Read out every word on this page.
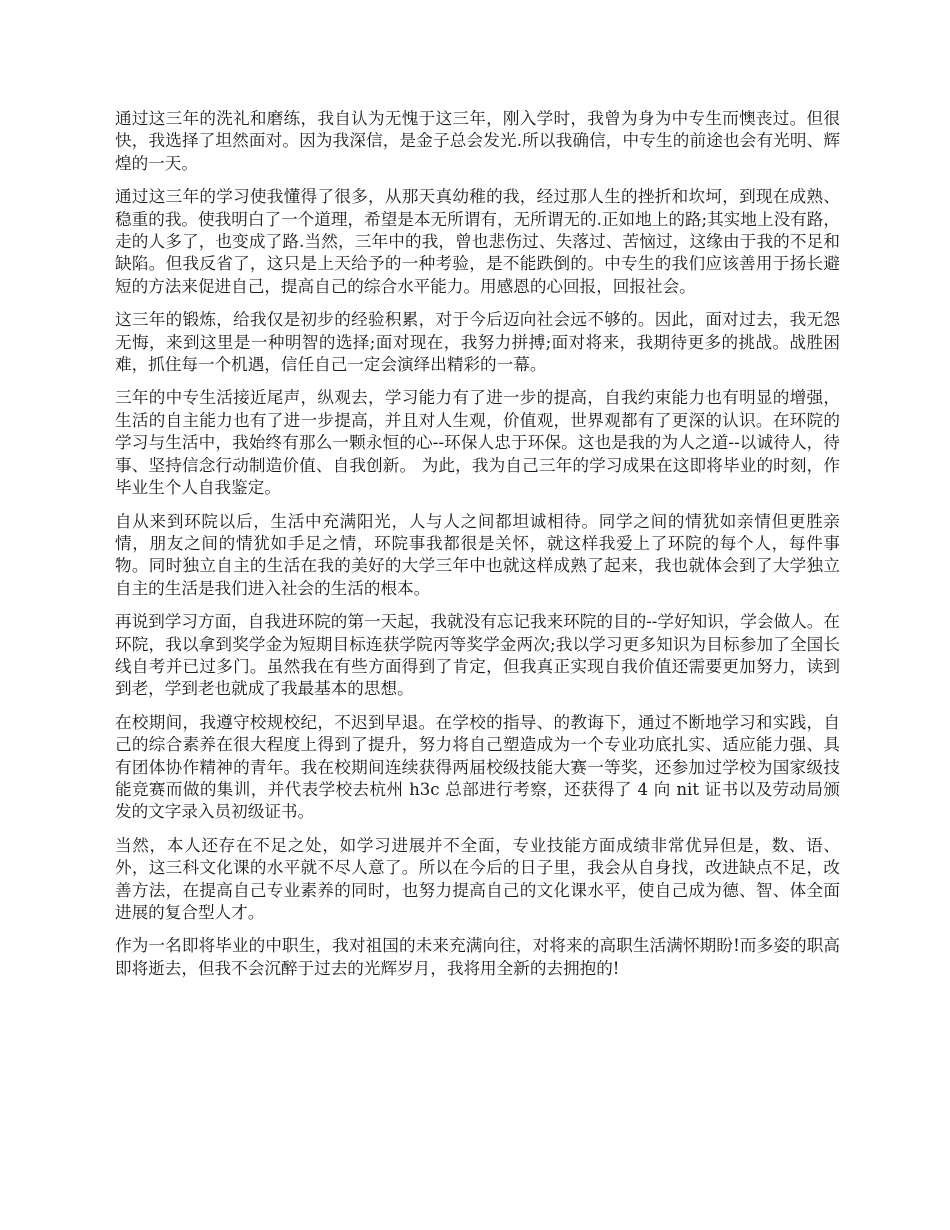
通过这三年的洗礼和磨练，我自认为无愧于这三年，刚入学时，我曾为身为中专生而懊丧过。但很快，我选择了坦然面对。因为我深信，是金子总会发光.所以我确信，中专生的前途也会有光明、辉煌的一天。

通过这三年的学习使我懂得了很多，从那天真幼稚的我，经过那人生的挫折和坎坷，到现在成熟、稳重的我。使我明白了一个道理，希望是本无所谓有，无所谓无的.正如地上的路;其实地上没有路，走的人多了，也变成了路.当然，三年中的我，曾也悲伤过、失落过、苦恼过，这缘由于我的不足和缺陷。但我反省了，这只是上天给予的一种考验，是不能跌倒的。中专生的我们应该善用于扬长避短的方法来促进自己，提高自己的综合水平能力。用感恩的心回报，回报社会。

这三年的锻炼，给我仅是初步的经验积累，对于今后迈向社会远不够的。因此，面对过去，我无怨无悔，来到这里是一种明智的选择;面对现在，我努力拼搏;面对将来，我期待更多的挑战。战胜困难，抓住每一个机遇，信任自己一定会演绎出精彩的一幕。

三年的中专生活接近尾声，纵观去，学习能力有了进一步的提高，自我约束能力也有明显的增强，生活的自主能力也有了进一步提高，并且对人生观，价值观，世界观都有了更深的认识。在环院的学习与生活中，我始终有那么一颗永恒的心--环保人忠于环保。这也是我的为人之道--以诚待人，待事、坚持信念行动制造价值、自我创新。 为此，我为自己三年的学习成果在这即将毕业的时刻，作毕业生个人自我鉴定。

自从来到环院以后，生活中充满阳光，人与人之间都坦诚相待。同学之间的情犹如亲情但更胜亲情，朋友之间的情犹如手足之情，环院事我都很是关怀，就这样我爱上了环院的每个人，每件事物。同时独立自主的生活在我的美好的大学三年中也就这样成熟了起来，我也就体会到了大学独立自主的生活是我们进入社会的生活的根本。

再说到学习方面，自我进环院的第一天起，我就没有忘记我来环院的目的--学好知识，学会做人。在环院，我以拿到奖学金为短期目标连获学院丙等奖学金两次;我以学习更多知识为目标参加了全国长线自考并已过多门。虽然我在有些方面得到了肯定，但我真正实现自我价值还需要更加努力，读到到老，学到老也就成了我最基本的思想。

在校期间，我遵守校规校纪，不迟到早退。在学校的指导、的教诲下，通过不断地学习和实践，自己的综合素养在很大程度上得到了提升，努力将自己塑造成为一个专业功底扎实、适应能力强、具有团体协作精神的青年。我在校期间连续获得两届校级技能大赛一等奖，还参加过学校为国家级技能竞赛而做的集训，并代表学校去杭州 h3c 总部进行考察，还获得了 4 向 nit 证书以及劳动局颁发的文字录入员初级证书。

当然，本人还存在不足之处，如学习进展并不全面，专业技能方面成绩非常优异但是，数、语、外，这三科文化课的水平就不尽人意了。所以在今后的日子里，我会从自身找，改进缺点不足，改善方法，在提高自己专业素养的同时，也努力提高自己的文化课水平，使自己成为德、智、体全面进展的复合型人才。

作为一名即将毕业的中职生，我对祖国的未来充满向往，对将来的高职生活满怀期盼!而多姿的职高即将逝去，但我不会沉醉于过去的光辉岁月，我将用全新的去拥抱的!
